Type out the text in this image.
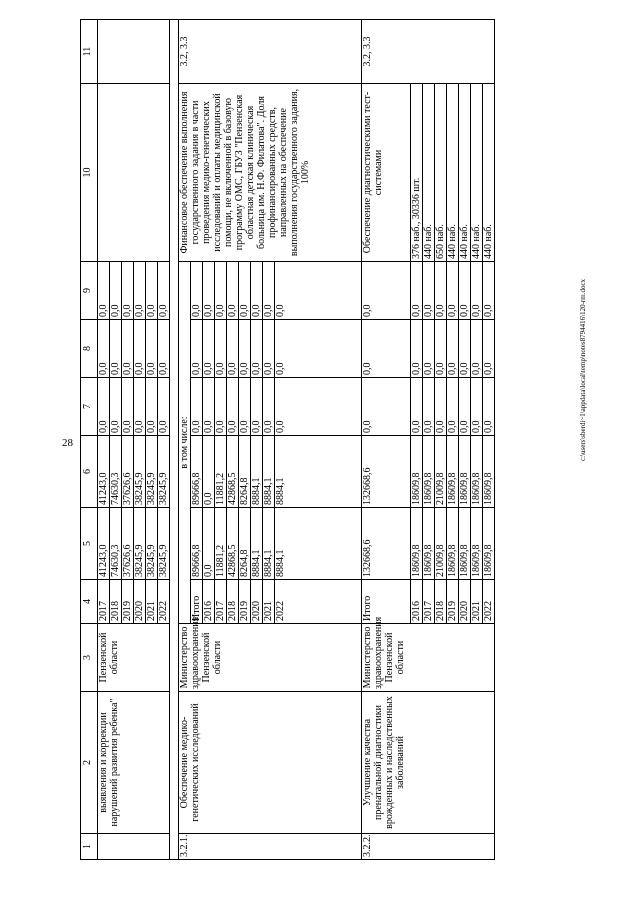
28	c:\users\sberdi~1\appdata\local\temp\notes8794416\120-rm.docx
1	2	3	4	5	6	7	8	9	10	11
	выявления и коррекции нарушений развития ребенка"	Пензенской области	2017	41243,0	41243,0	0,0	0,0	0,0		
			2018	74630,3	74630,3	0,0	0,0	0,0		
			2019	37626,6	37626,6	0,0	0,0	0,0		
			2020	38245,9	38245,9	0,0	0,0	0,0		
			2021	38245,9	38245,9	0,0	0,0	0,0		
			2022	38245,9	38245,9	0,0	0,0	0,0		

3.2.1.	Обеспечение медико-генетических исследований	Министерство здравоохранения Пензенской области	в том числе:						Финансовое обеспечение выполнения государственного задания в части проведения медико-генетических исследований и оплаты медицинской помощи, не включенной в базовую программу ОМС, ГБУЗ "Пензенская областная детская клиническая больница им. Н.Ф. Филатова". Доля профинансированных средств, направленных на обеспечение выполнения государственного задания, 100%	3.2, 3.3
			Итого	89666,8	89666,8	0,0	0,0	0,0		
			2016	0,0	0,0	0,0	0,0	0,0		
			2017	11881,2	11881,2	0,0	0,0	0,0		
			2018	42868,5	42868,5	0,0	0,0	0,0		
			2019	8264,8	8264,8	0,0	0,0	0,0		
			2020	8884,1	8884,1	0,0	0,0	0,0		
			2021	8884,1	8884,1	0,0	0,0	0,0		
			2022	8884,1	8884,1	0,0	0,0	0,0		
3.2.2.	Улучшение качества пренатальной диагностики врожденных и наследственных заболеваний	Министерство здравоохранения Пензенской области	Итого	132668,6	132668,6	0,0	0,0	0,0	Обеспечение диагностическими тест-системами	3.2, 3.3
			2016	18609,8	18609,8	0,0	0,0	0,0	376 наб., 30336 шт.	
			2017	18609,8	18609,8	0,0	0,0	0,0	440 наб.	
			2018	21009,8	21009,8	0,0	0,0	0,0	650 наб.	
			2019	18609,8	18609,8	0,0	0,0	0,0	440 наб.	
			2020	18609,8	18609,8	0,0	0,0	0,0	440 наб.	
			2021	18609,8	18609,8	0,0	0,0	0,0	440 наб.	
			2022	18609,8	18609,8	0,0	0,0	0,0	440 наб.	
